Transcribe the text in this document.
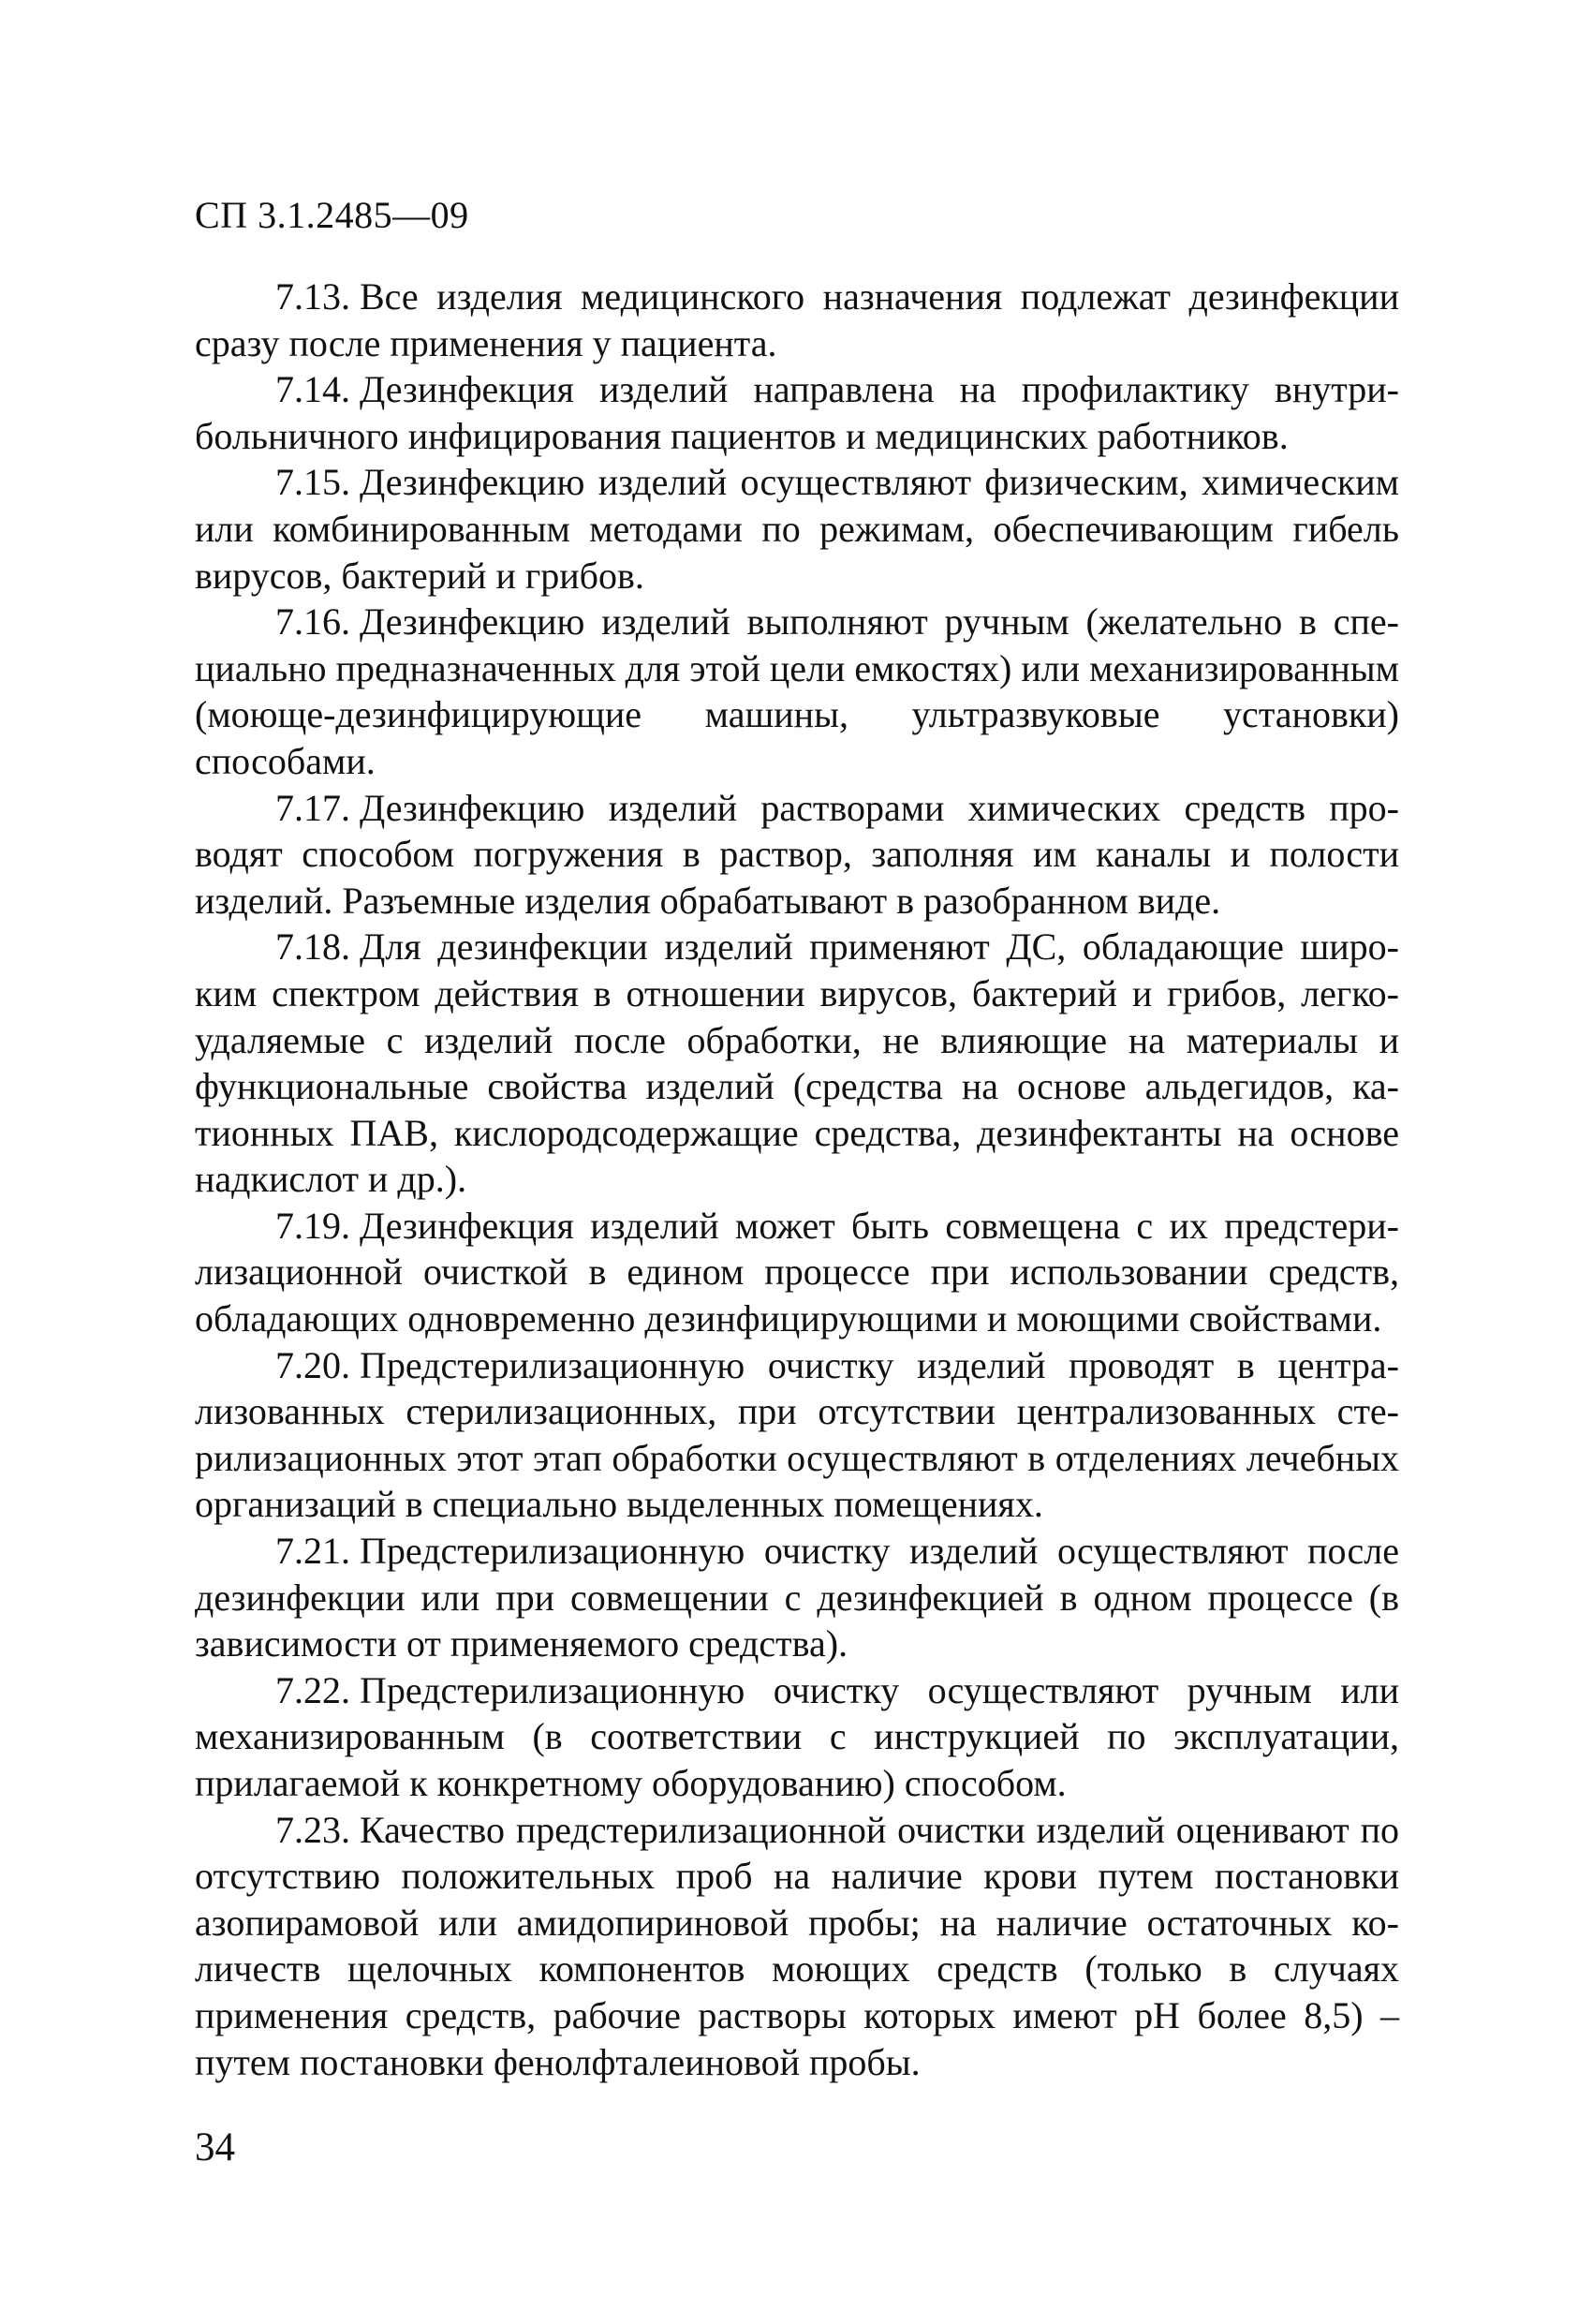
СП 3.1.2485—09

7.13. Все изделия медицинского назначения подлежат дезинфекции сразу после применения у пациента.

7.14. Дезинфекция изделий направлена на профилактику внутрибольничного инфицирования пациентов и медицинских работников.

7.15. Дезинфекцию изделий осуществляют физическим, химическим или комбинированным методами по режимам, обеспечивающим гибель вирусов, бактерий и грибов.

7.16. Дезинфекцию изделий выполняют ручным (желательно в специально предназначенных для этой цели емкостях) или механизированным (моюще-дезинфицирующие машины, ультразвуковые установки) способами.

7.17. Дезинфекцию изделий растворами химических средств проводят способом погружения в раствор, заполняя им каналы и полости изделий. Разъемные изделия обрабатывают в разобранном виде.

7.18. Для дезинфекции изделий применяют ДС, обладающие широким спектром действия в отношении вирусов, бактерий и грибов, легкоудаляемые с изделий после обработки, не влияющие на материалы и функциональные свойства изделий (средства на основе альдегидов, катионных ПАВ, кислородсодержащие средства, дезинфектанты на основе надкислот и др.).

7.19. Дезинфекция изделий может быть совмещена с их предстерилизационной очисткой в едином процессе при использовании средств, обладающих одновременно дезинфицирующими и моющими свойствами.

7.20. Предстерилизационную очистку изделий проводят в централизованных стерилизационных, при отсутствии централизованных стерилизационных этот этап обработки осуществляют в отделениях лечебных организаций в специально выделенных помещениях.

7.21. Предстерилизационную очистку изделий осуществляют после дезинфекции или при совмещении с дезинфекцией в одном процессе (в зависимости от применяемого средства).

7.22. Предстерилизационную очистку осуществляют ручным или механизированным (в соответствии с инструкцией по эксплуатации, прилагаемой к конкретному оборудованию) способом.

7.23. Качество предстерилизационной очистки изделий оценивают по отсутствию положительных проб на наличие крови путем постановки азопирамовой или амидопириновой пробы; на наличие остаточных количеств щелочных компонентов моющих средств (только в случаях применения средств, рабочие растворы которых имеют рН более 8,5) – путем постановки фенолфталеиновой пробы.

34
